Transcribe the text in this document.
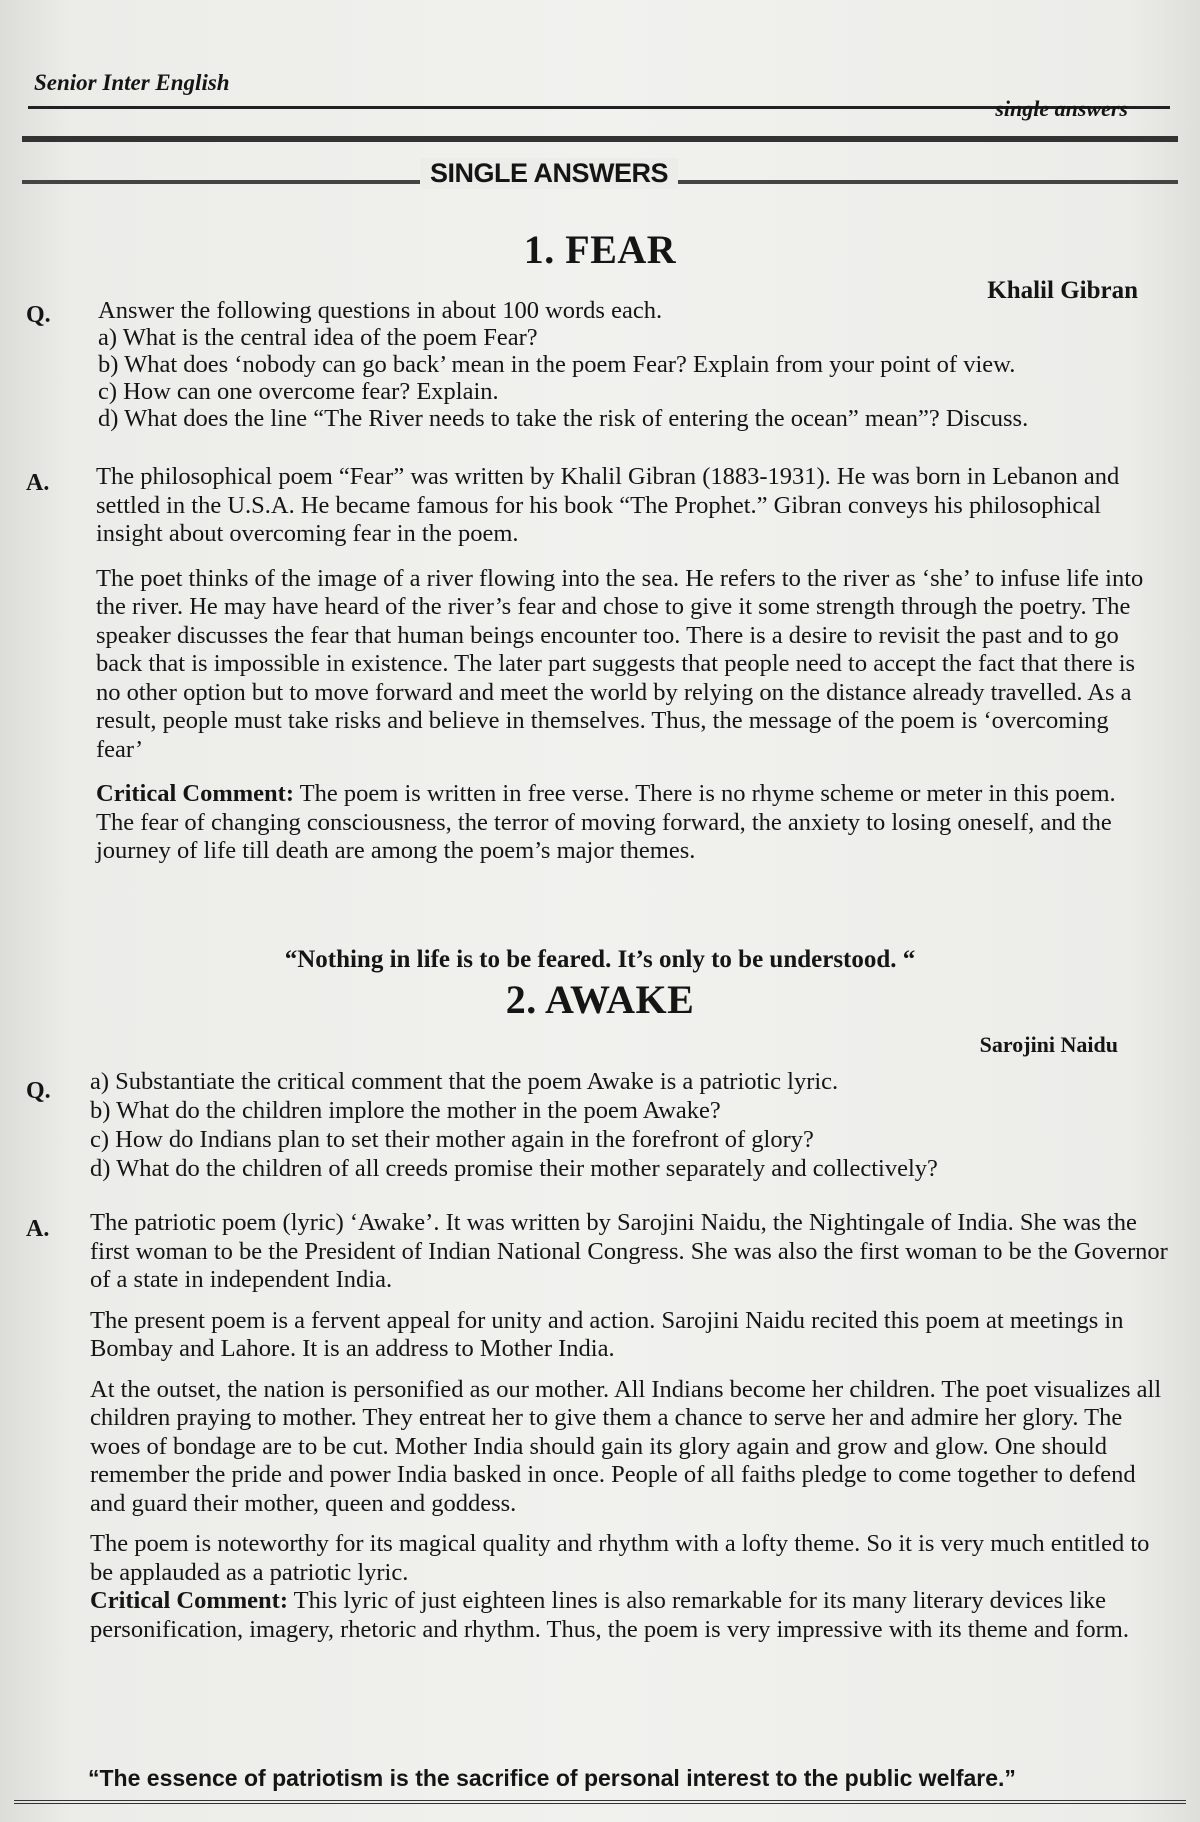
Senior Inter English
single answers
SINGLE ANSWERS
1. FEAR
Khalil Gibran
Q. Answer the following questions in about 100 words each.

a) What is the central idea of the poem Fear?

b) What does ‘nobody can go back’ mean in the poem Fear? Explain from your point of view.

c) How can one overcome fear? Explain.

d) What does the line “The River needs to take the risk of entering the ocean” mean”? Discuss.

A. The philosophical poem “Fear” was written by Khalil Gibran (1883-1931). He was born in Lebanon and settled in the U.S.A. He became famous for his book “The Prophet.” Gibran conveys his philosophical insight about overcoming fear in the poem.

The poet thinks of the image of a river flowing into the sea. He refers to the river as ‘she’ to infuse life into the river. He may have heard of the river’s fear and chose to give it some strength through the poetry. The speaker discusses the fear that human beings encounter too. There is a desire to revisit the past and to go back that is impossible in existence. The later part suggests that people need to accept the fact that there is no other option but to move forward and meet the world by relying on the distance already travelled. As a result, people must take risks and believe in themselves. Thus, the message of the poem is ‘overcoming fear’

Critical Comment: The poem is written in free verse. There is no rhyme scheme or meter in this poem. The fear of changing consciousness, the terror of moving forward, the anxiety to losing oneself, and the journey of life till death are among the poem’s major themes.

“Nothing in life is to be feared. It’s only to be understood. “
2. AWAKE
Sarojini Naidu
Q. a) Substantiate the critical comment that the poem Awake is a patriotic lyric.

b) What do the children implore the mother in the poem Awake?

c) How do Indians plan to set their mother again in the forefront of glory?

d) What do the children of all creeds promise their mother separately and collectively?

A. The patriotic poem (lyric) ‘Awake’. It was written by Sarojini Naidu, the Nightingale of India. She was the first woman to be the President of Indian National Congress. She was also the first woman to be the Governor of a state in independent India.

The present poem is a fervent appeal for unity and action. Sarojini Naidu recited this poem at meetings in Bombay and Lahore. It is an address to Mother India.

At the outset, the nation is personified as our mother. All Indians become her children. The poet visualizes all children praying to mother. They entreat her to give them a chance to serve her and admire her glory. The woes of bondage are to be cut. Mother India should gain its glory again and grow and glow. One should remember the pride and power India basked in once. People of all faiths pledge to come together to defend and guard their mother, queen and goddess.

The poem is noteworthy for its magical quality and rhythm with a lofty theme. So it is very much entitled to be applauded as a patriotic lyric.

Critical Comment: This lyric of just eighteen lines is also remarkable for its many literary devices like personification, imagery, rhetoric and rhythm. Thus, the poem is very impressive with its theme and form.

“The essence of patriotism is the sacrifice of personal interest to the public welfare.”
